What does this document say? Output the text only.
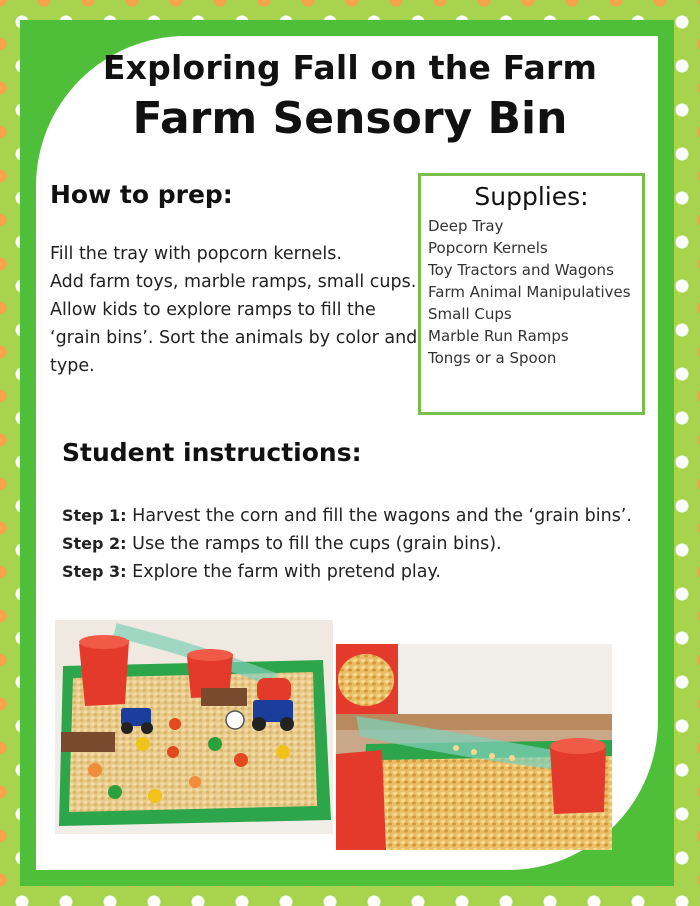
Exploring Fall on the Farm
Farm Sensory Bin
How to prep:

Fill the tray with popcorn kernels.

Add farm toys, marble ramps, small cups.

Allow kids to explore ramps to fill the ‘grain bins’. Sort the animals by color and type.

Supplies:
Deep Tray
Popcorn Kernels
Toy Tractors and Wagons
Farm Animal Manipulatives
Small Cups
Marble Run Ramps
Tongs or a Spoon
Student instructions:

Step 1: Harvest the corn and fill the wagons and the ‘grain bins’.

Step 2: Use the ramps to fill the cups (grain bins).

Step 3: Explore the farm with pretend play.
